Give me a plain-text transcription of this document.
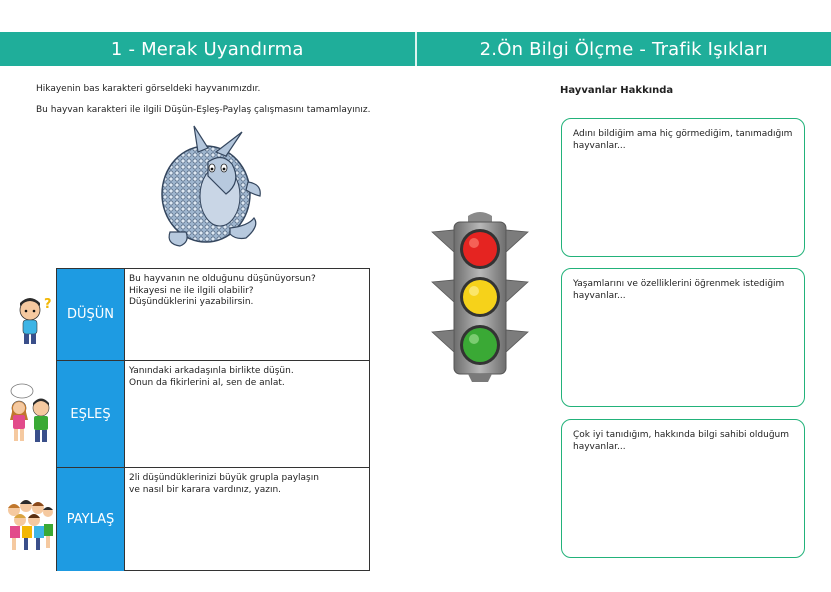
1 - Merak Uyandırma	2.Ön Bilgi Ölçme - Trafik Işıkları
Hikayenin bas karakteri görseldeki hayvanımızdır.
Bu hayvan karakteri ile ilgili Düşün-Eşleş-Paylaş çalışmasını tamamlayınız.
DÜŞÜN
Bu hayvanın ne olduğunu düşünüyorsun?
Hikayesi ne ile ilgili olabilir?
Düşündüklerini yazabilirsin.
EŞLEŞ
Yanındaki arkadaşınla birlikte düşün.
Onun da fikirlerini al, sen de anlat.
PAYLAŞ
2li düşündüklerinizi büyük grupla paylaşın
ve nasıl bir karara vardınız, yazın.
?
Hayvanlar Hakkında
Adını bildiğim ama hiç görmediğim, tanımadığım hayvanlar...
Yaşamlarını ve özelliklerini öğrenmek istediğim hayvanlar...
Çok iyi tanıdığım, hakkında bilgi sahibi olduğum hayvanlar...
